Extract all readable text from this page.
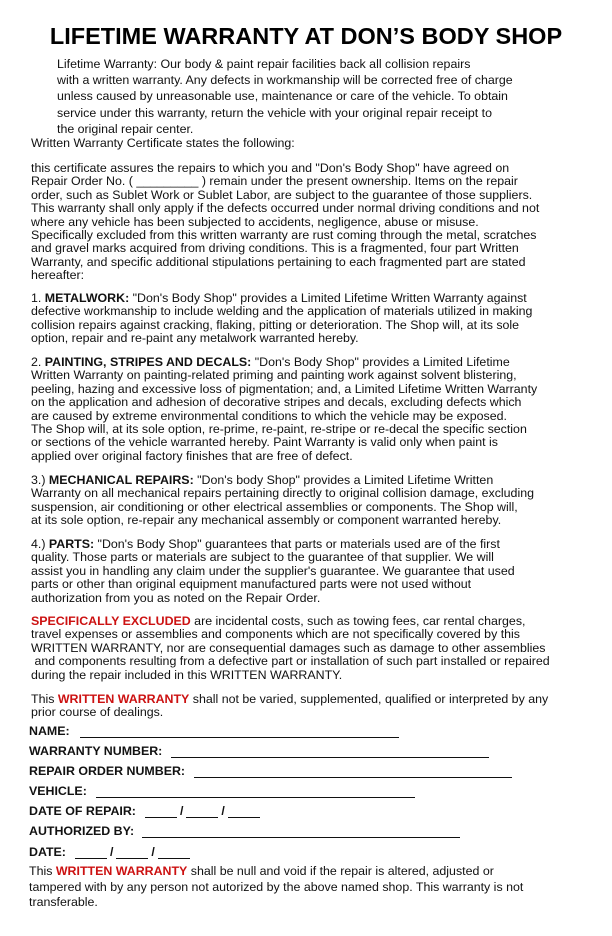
LIFETIME WARRANTY AT DON’S BODY SHOP
Lifetime Warranty: Our body & paint repair facilities back all collision repairs
with a written warranty. Any defects in workmanship will be corrected free of charge
unless caused by unreasonable use, maintenance or care of the vehicle. To obtain
service under this warranty, return the vehicle with your original repair receipt to
the original repair center.
Written Warranty Certificate states the following:
this certificate assures the repairs to which you and "Don's Body Shop" have agreed on
Repair Order No. ( _________ ) remain under the present ownership. Items on the repair
order, such as Sublet Work or Sublet Labor, are subject to the guarantee of those suppliers.
This warranty shall only apply if the defects occurred under normal driving conditions and not
where any vehicle has been subjected to accidents, negligence, abuse or misuse.
Specifically excluded from this written warranty are rust coming through the metal, scratches
and gravel marks acquired from driving conditions. This is a fragmented, four part Written
Warranty, and specific additional stipulations pertaining to each fragmented part are stated
hereafter:
1. METALWORK: "Don's Body Shop" provides a Limited Lifetime Written Warranty against
defective workmanship to include welding and the application of materials utilized in making
collision repairs against cracking, flaking, pitting or deterioration. The Shop will, at its sole
option, repair and re-paint any metalwork warranted hereby.
2. PAINTING, STRIPES AND DECALS: "Don's Body Shop" provides a Limited Lifetime
Written Warranty on painting-related priming and painting work against solvent blistering,
peeling, hazing and excessive loss of pigmentation; and, a Limited Lifetime Written Warranty
on the application and adhesion of decorative stripes and decals, excluding defects which
are caused by extreme environmental conditions to which the vehicle may be exposed.
The Shop will, at its sole option, re-prime, re-paint, re-stripe or re-decal the specific section
or sections of the vehicle warranted hereby. Paint Warranty is valid only when paint is
applied over original factory finishes that are free of defect.
3.) MECHANICAL REPAIRS: "Don's body Shop" provides a Limited Lifetime Written
Warranty on all mechanical repairs pertaining directly to original collision damage, excluding
suspension, air conditioning or other electrical assemblies or components. The Shop will,
at its sole option, re-repair any mechanical assembly or component warranted hereby.
4.) PARTS: "Don's Body Shop" guarantees that parts or materials used are of the first
quality. Those parts or materials are subject to the guarantee of that supplier. We will
assist you in handling any claim under the supplier's guarantee. We guarantee that used
parts or other than original equipment manufactured parts were not used without
authorization from you as noted on the Repair Order.
SPECIFICALLY EXCLUDED are incidental costs, such as towing fees, car rental charges,
travel expenses or assemblies and components which are not specifically covered by this
WRITTEN WARRANTY, nor are consequential damages such as damage to other assemblies
and components resulting from a defective part or installation of such part installed or repaired
during the repair included in this WRITTEN WARRANTY.
This WRITTEN WARRANTY shall not be varied, supplemented, qualified or interpreted by any
prior course of dealings.
NAME:
WARRANTY NUMBER:
REPAIR ORDER NUMBER:
VEHICLE:
DATE OF REPAIR:	/	/
AUTHORIZED BY:
DATE:	/	/
This WRITTEN WARRANTY shall be null and void if the repair is altered, adjusted or
tampered with by any person not autorized by the above named shop. This warranty is not
transferable.
